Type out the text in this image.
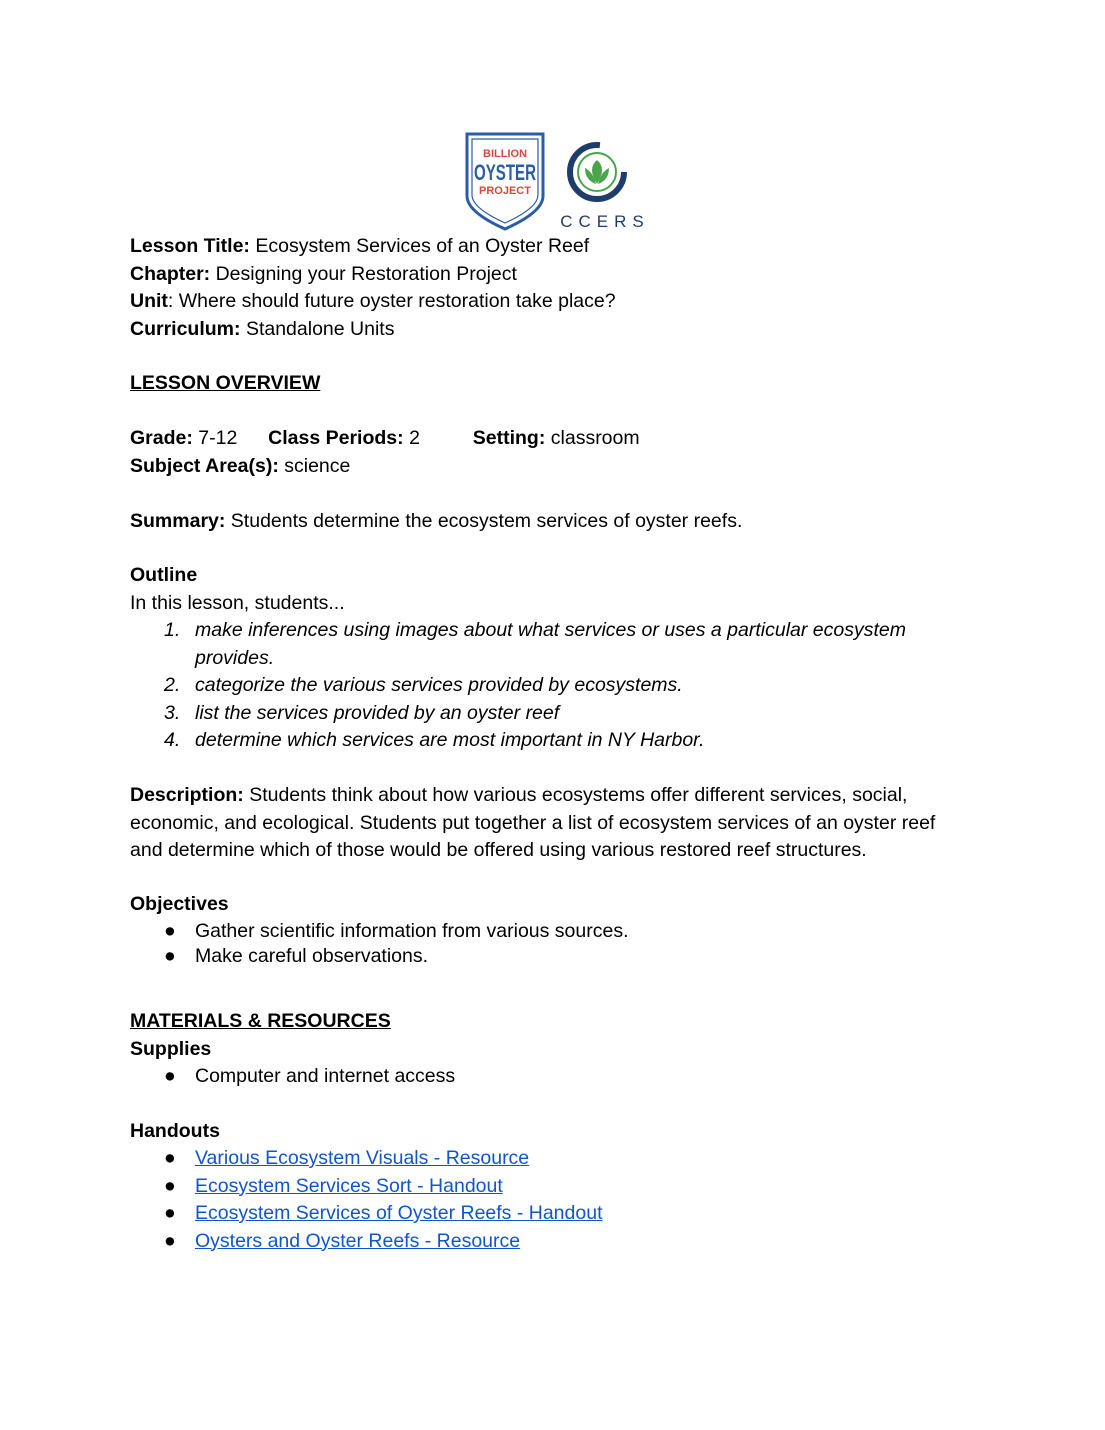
BILLION
OYSTER
PROJECT
CCERS
Lesson Title: Ecosystem Services of an Oyster Reef
Chapter: Designing your Restoration Project
Unit: Where should future oyster restoration take place?
Curriculum: Standalone Units
LESSON OVERVIEW
Grade: 7-12 Class Periods: 2	Setting: classroom
Subject Area(s): science
Summary: Students determine the ecosystem services of oyster reefs.
Outline
In this lesson, students...
1. make inferences using images about what services or uses a particular ecosystem provides.
2. categorize the various services provided by ecosystems.
3. list the services provided by an oyster reef
4. determine which services are most important in NY Harbor.
Description: Students think about how various ecosystems offer different services, social, economic, and ecological. Students put together a list of ecosystem services of an oyster reef and determine which of those would be offered using various restored reef structures.
Objectives
● Gather scientific information from various sources.
● Make careful observations.
MATERIALS & RESOURCES
Supplies
● Computer and internet access
Handouts
● Various Ecosystem Visuals - Resource
● Ecosystem Services Sort - Handout
● Ecosystem Services of Oyster Reefs - Handout
● Oysters and Oyster Reefs - Resource
